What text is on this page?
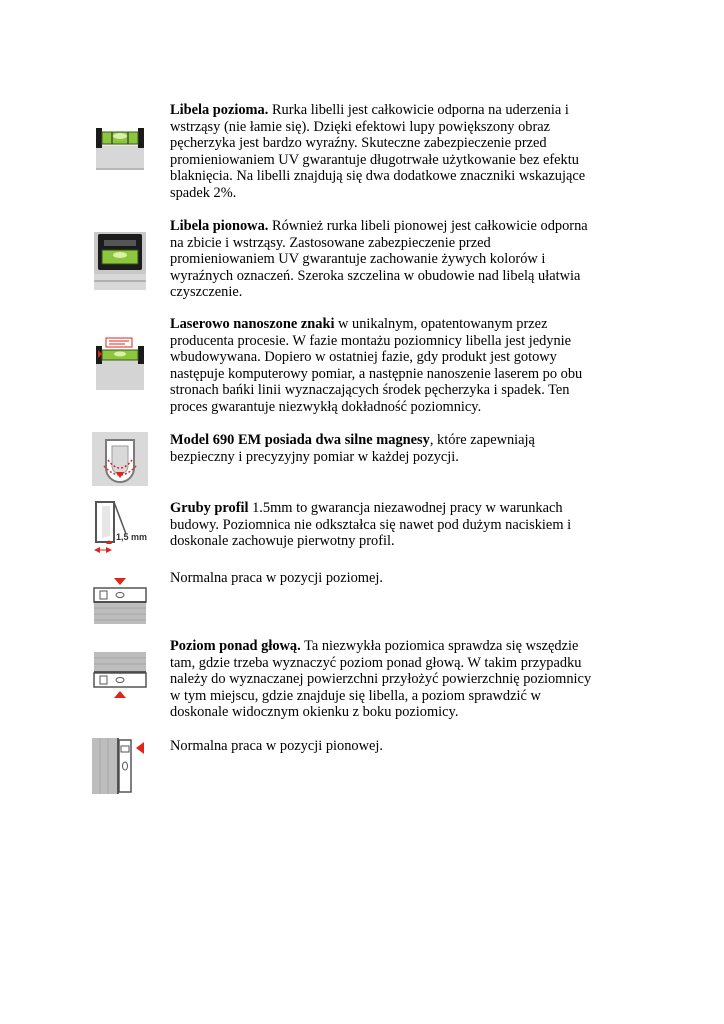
Libela pozioma. Rurka libelli jest całkowicie odporna na uderzenia i wstrząsy (nie łamie się). Dzięki efektowi lupy powiększony obraz pęcherzyka jest bardzo wyraźny. Skuteczne zabezpieczenie przed promieniowaniem UV gwarantuje długotrwałe użytkowanie bez efektu blaknięcia. Na libelli znajdują się dwa dodatkowe znaczniki wskazujące spadek 2%.
Libela pionowa. Również rurka libeli pionowej jest całkowicie odporna na zbicie i wstrząsy. Zastosowane zabezpieczenie przed promieniowaniem UV gwarantuje zachowanie żywych kolorów i wyraźnych oznaczeń. Szeroka szczelina w obudowie nad libelą ułatwia czyszczenie.
Laserowo nanoszone znaki w unikalnym, opatentowanym przez producenta procesie. W fazie montażu poziomnicy libella jest jedynie wbudowywana. Dopiero w ostatniej fazie, gdy produkt jest gotowy następuje komputerowy pomiar, a następnie nanoszenie laserem po obu stronach bańki linii wyznaczających środek pęcherzyka i spadek. Ten proces gwarantuje niezwykłą dokładność poziomnicy.
Model 690 EM posiada dwa silne magnesy, które zapewniają bezpieczny i precyzyjny pomiar w każdej pozycji.
1,5 mm
Gruby profil 1.5mm to gwarancja niezawodnej pracy w warunkach budowy. Poziomnica nie odkształca się nawet pod dużym naciskiem i doskonale zachowuje pierwotny profil.
Normalna praca w pozycji poziomej.
Poziom ponad głową. Ta niezwykła poziomica sprawdza się wszędzie tam, gdzie trzeba wyznaczyć poziom ponad głową. W takim przypadku należy do wyznaczanej powierzchni przyłożyć powierzchnię poziomnicy w tym miejscu, gdzie znajduje się libella, a poziom sprawdzić w doskonale widocznym okienku z boku poziomicy.
Normalna praca w pozycji pionowej.
